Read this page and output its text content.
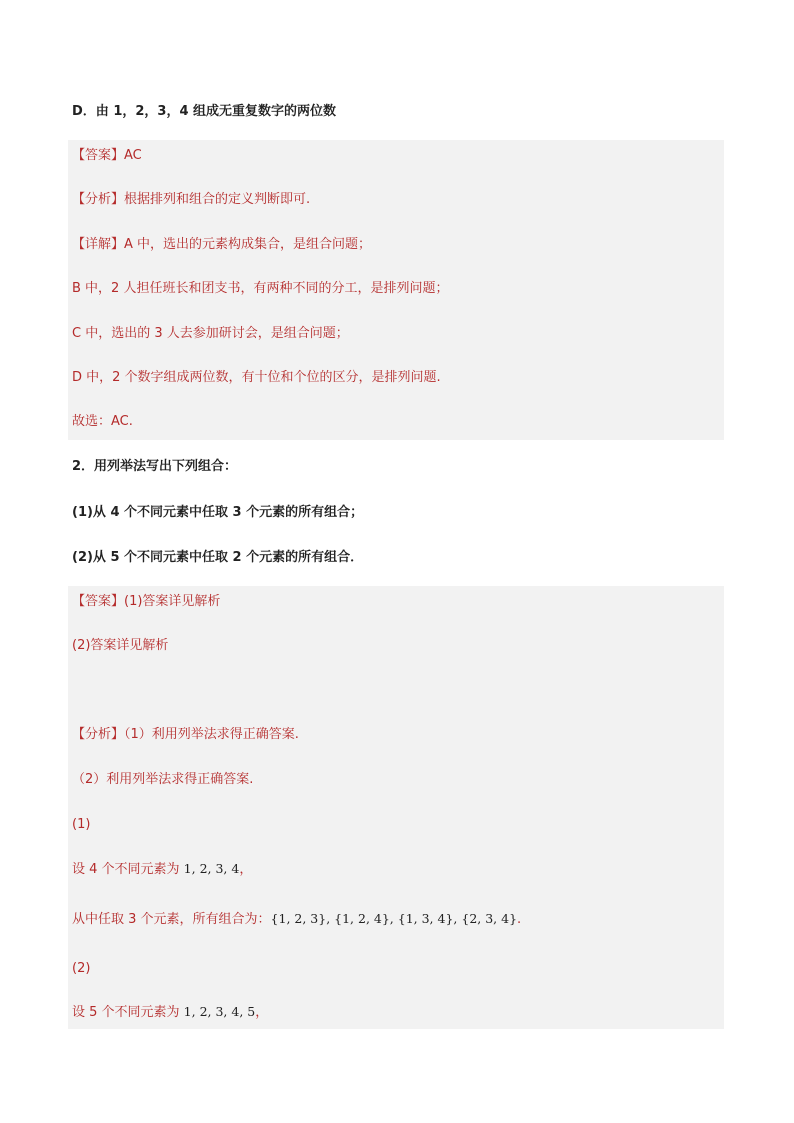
D．由 1，2，3，4 组成无重复数字的两位数
【答案】AC
【分析】根据排列和组合的定义判断即可.
【详解】A 中，选出的元素构成集合，是组合问题；
B 中，2 人担任班长和团支书，有两种不同的分工，是排列问题；
C 中，选出的 3 人去参加研讨会，是组合问题；
D 中，2 个数字组成两位数，有十位和个位的区分，是排列问题.
故选：AC.
2．用列举法写出下列组合：
(1)从 4 个不同元素中任取 3 个元素的所有组合；
(2)从 5 个不同元素中任取 2 个元素的所有组合．
【答案】(1)答案详见解析
(2)答案详见解析
【分析】（1）利用列举法求得正确答案.
（2）利用列举法求得正确答案.
(1)
设 4 个不同元素为 1, 2, 3, 4，
从中任取 3 个元素，所有组合为：{1, 2, 3}, {1, 2, 4}, {1, 3, 4}, {2, 3, 4}.
(2)
设 5 个不同元素为 1, 2, 3, 4, 5，
